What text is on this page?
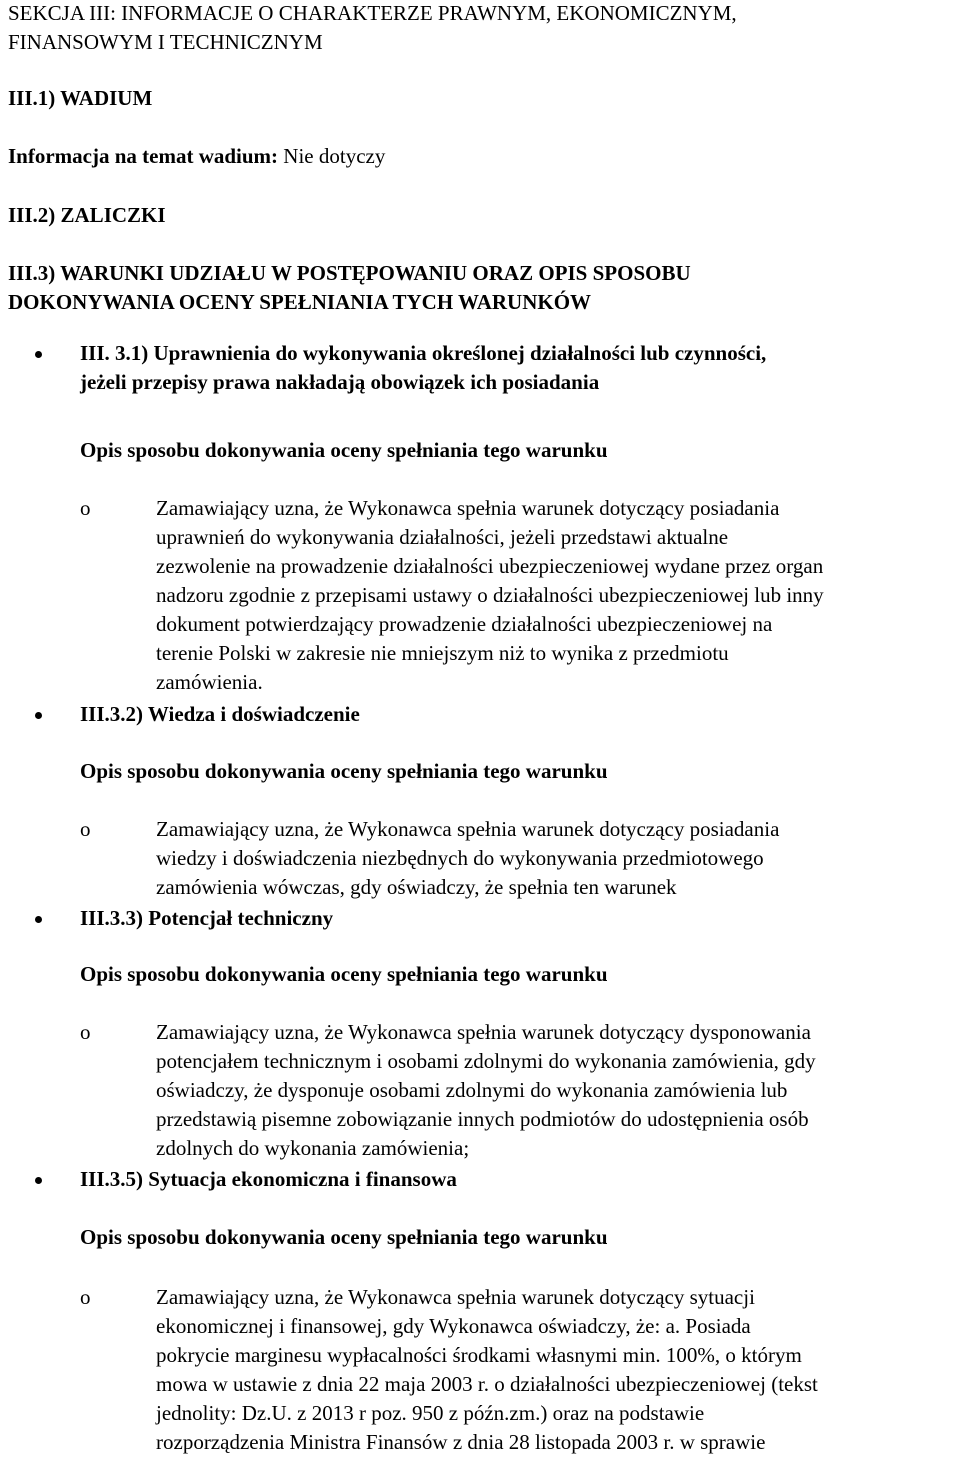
SEKCJA III: INFORMACJE O CHARAKTERZE PRAWNYM, EKONOMICZNYM,
FINANSOWYM I TECHNICZNYM

III.1) WADIUM

Informacja na temat wadium: Nie dotyczy

III.2) ZALICZKI

III.3) WARUNKI UDZIAŁU W POSTĘPOWANIU ORAZ OPIS SPOSOBU
DOKONYWANIA OCENY SPEŁNIANIA TYCH WARUNKÓW

III. 3.1) Uprawnienia do wykonywania określonej działalności lub czynności,
jeżeli przepisy prawa nakładają obowiązek ich posiadania

Opis sposobu dokonywania oceny spełniania tego warunku

o	Zamawiający uzna, że Wykonawca spełnia warunek dotyczący posiadania
uprawnień do wykonywania działalności, jeżeli przedstawi aktualne
zezwolenie na prowadzenie działalności ubezpieczeniowej wydane przez organ
nadzoru zgodnie z przepisami ustawy o działalności ubezpieczeniowej lub inny
dokument potwierdzający prowadzenie działalności ubezpieczeniowej na
terenie Polski w zakresie nie mniejszym niż to wynika z przedmiotu
zamówienia.

III.3.2) Wiedza i doświadczenie

Opis sposobu dokonywania oceny spełniania tego warunku

o	Zamawiający uzna, że Wykonawca spełnia warunek dotyczący posiadania
wiedzy i doświadczenia niezbędnych do wykonywania przedmiotowego
zamówienia wówczas, gdy oświadczy, że spełnia ten warunek

III.3.3) Potencjał techniczny

Opis sposobu dokonywania oceny spełniania tego warunku

o	Zamawiający uzna, że Wykonawca spełnia warunek dotyczący dysponowania
potencjałem technicznym i osobami zdolnymi do wykonania zamówienia, gdy
oświadczy, że dysponuje osobami zdolnymi do wykonania zamówienia lub
przedstawią pisemne zobowiązanie innych podmiotów do udostępnienia osób
zdolnych do wykonania zamówienia;

III.3.5) Sytuacja ekonomiczna i finansowa

Opis sposobu dokonywania oceny spełniania tego warunku

o	Zamawiający uzna, że Wykonawca spełnia warunek dotyczący sytuacji
ekonomicznej i finansowej, gdy Wykonawca oświadczy, że: a. Posiada
pokrycie marginesu wypłacalności środkami własnymi min. 100%, o którym
mowa w ustawie z dnia 22 maja 2003 r. o działalności ubezpieczeniowej (tekst
jednolity: Dz.U. z 2013 r poz. 950 z późn.zm.) oraz na podstawie
rozporządzenia Ministra Finansów z dnia 28 listopada 2003 r. w sprawie
